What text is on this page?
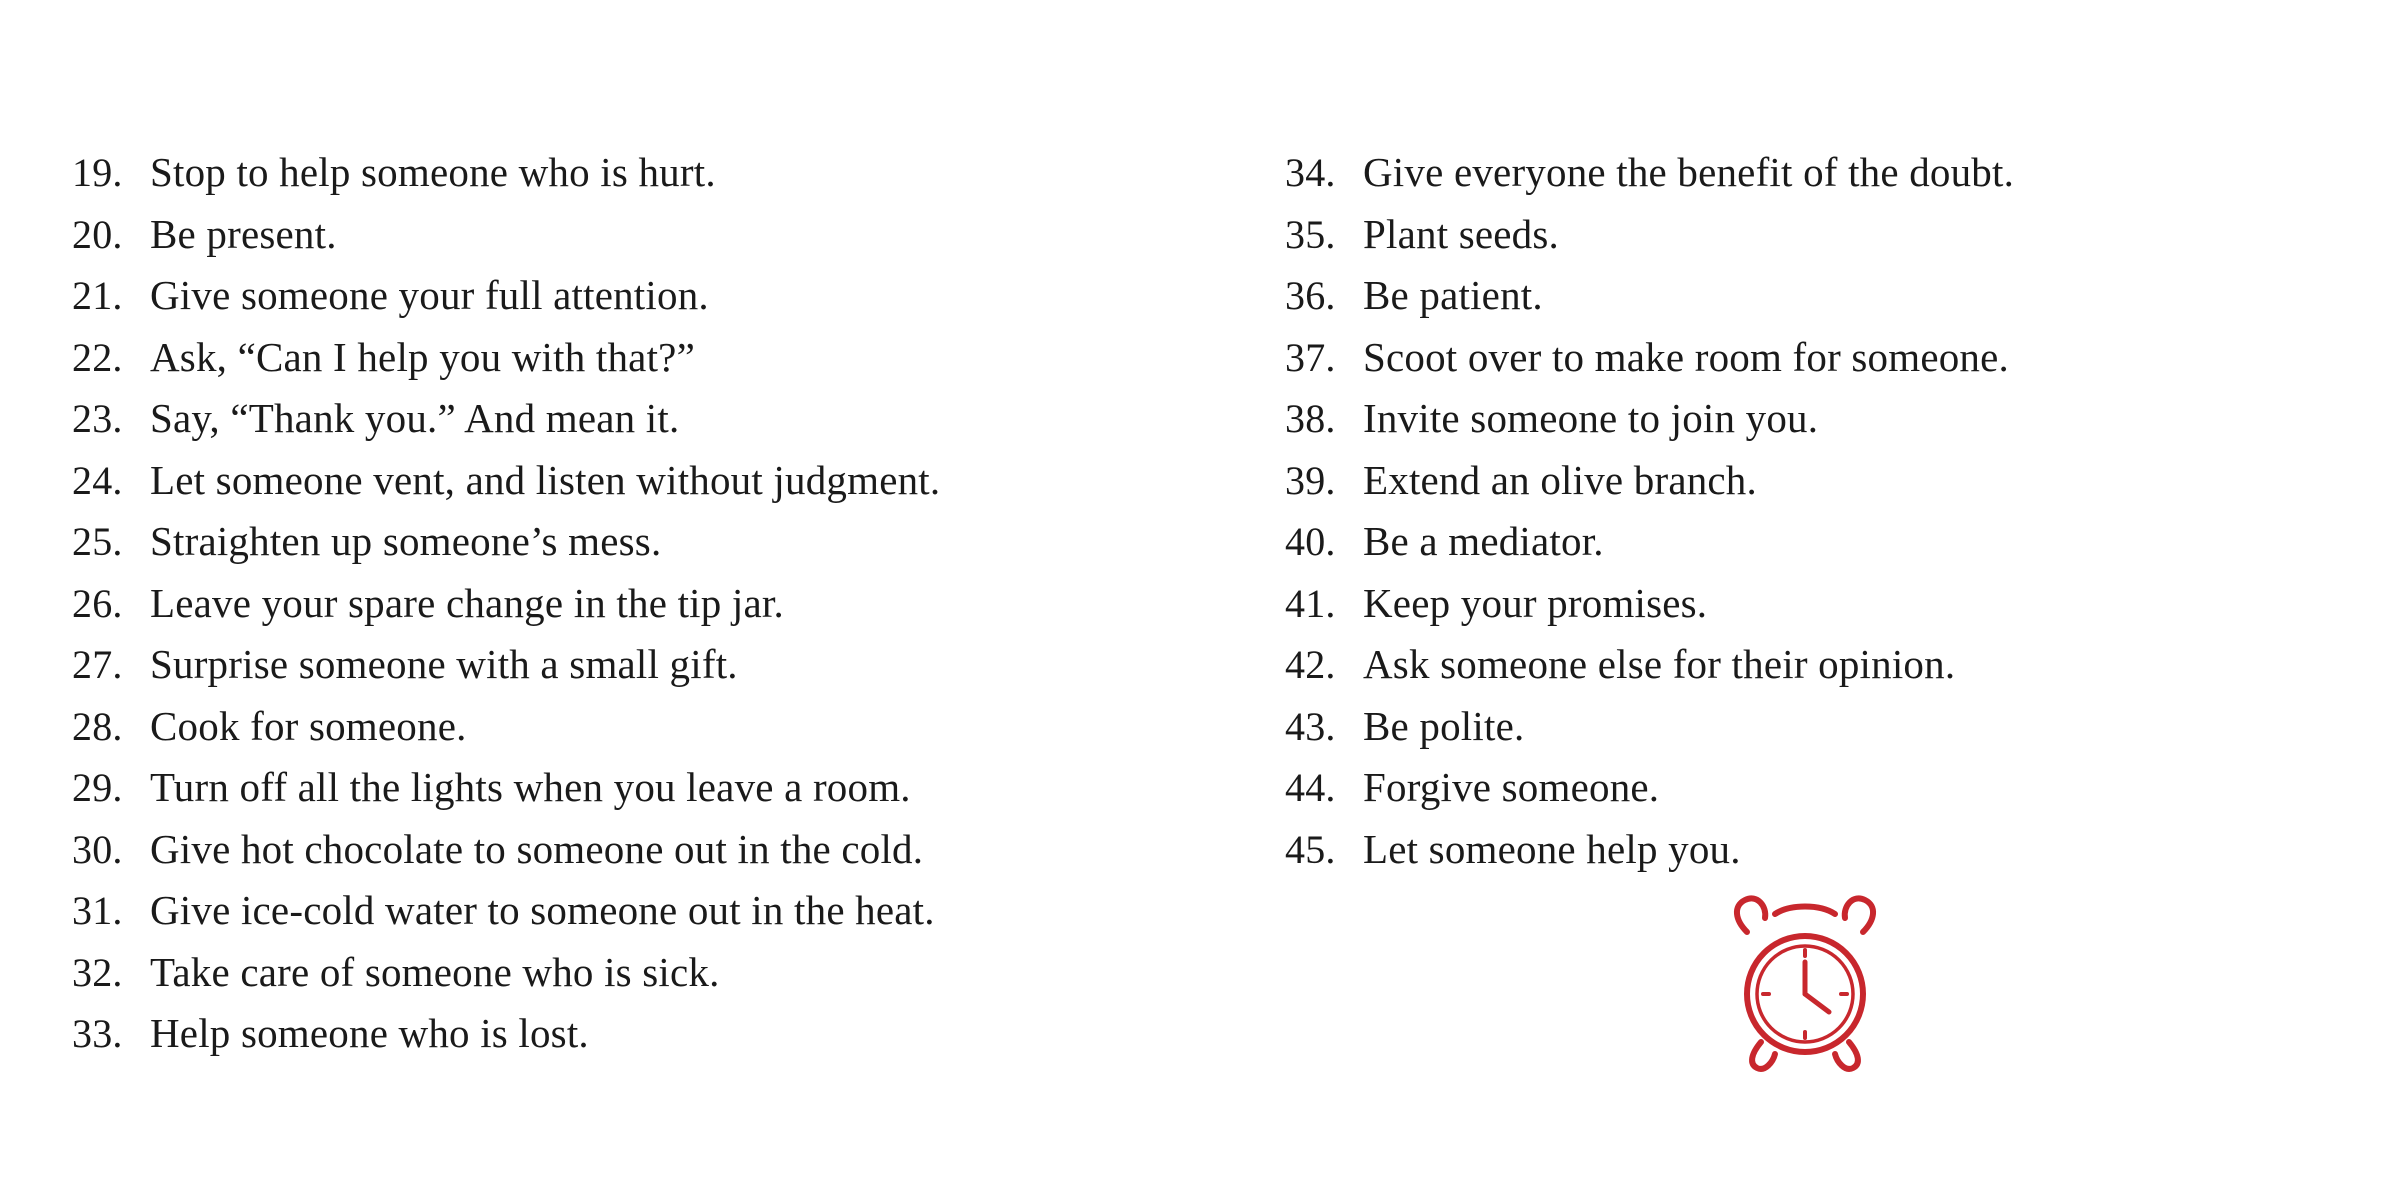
19. Stop to help someone who is hurt.
20. Be present.
21. Give someone your full attention.
22. Ask, “Can I help you with that?”
23. Say, “Thank you.” And mean it.
24. Let someone vent, and listen without judgment.
25. Straighten up someone’s mess.
26. Leave your spare change in the tip jar.
27. Surprise someone with a small gift.
28. Cook for someone.
29. Turn off all the lights when you leave a room.
30. Give hot chocolate to someone out in the cold.
31. Give ice-cold water to someone out in the heat.
32. Take care of someone who is sick.
33. Help someone who is lost.
34. Give everyone the benefit of the doubt.
35. Plant seeds.
36. Be patient.
37. Scoot over to make room for someone.
38. Invite someone to join you.
39. Extend an olive branch.
40. Be a mediator.
41. Keep your promises.
42. Ask someone else for their opinion.
43. Be polite.
44. Forgive someone.
45. Let someone help you.
